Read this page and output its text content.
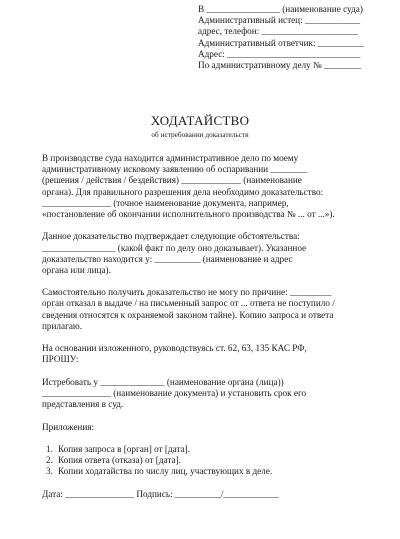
В ________________ (наименование суда)
Административный истец: ____________
адрес, телефон: _____________________
Административный ответчик: __________
Адрес: _____________________________
По административному делу № ________
ХОДАТАЙСТВО
об истребовании доказательств
В производстве суда находится административное дело по моему
административному исковому заявлению об оспаривании ________
(решения / действия / бездействия) _____________ (наименование
органа). Для правильного разрешения дела необходимо доказательство:
_______________ (точное наименование документа, например,
«постановление об окончании исполнительного производства № ... от ...»).
Данное доказательство подтверждает следующие обстоятельства:
________________ (какой факт по делу оно доказывает). Указанное
доказательство находится у: __________ (наименование и адрес
органа или лица).
Самостоятельно получить доказательство не могу по причине: _________
орган отказал в выдаче / на письменный запрос от ... ответа не поступило /
сведения относятся к охраняемой законом тайне). Копию запроса и ответа
прилагаю.
На основании изложенного, руководствуясь ст. 62, 63, 135 КАС РФ,
ПРОШУ:
Истребовать у ______________ (наименование органа (лица))
_______________ (наименование документа) и установить срок его
представления в суд.
Приложения:
1. Копия запроса в [орган] от [дата].
2. Копия ответа (отказа) от [дата].
3. Копии ходатайства по числу лиц, участвующих в деле.
Дата: _______________ Подпись: __________/____________
